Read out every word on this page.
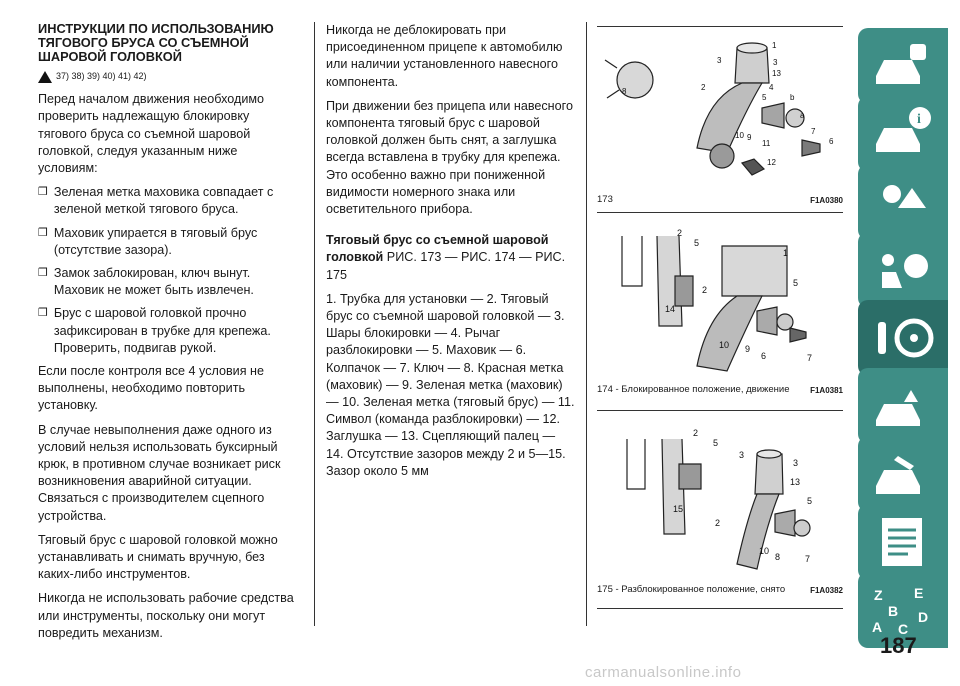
ИНСТРУКЦИИ ПО ИСПОЛЬЗОВАНИЮ ТЯГОВОГО БРУСА СО СЪЕМНОЙ ШАРОВОЙ ГОЛОВКОЙ
37) 38) 39) 40) 41) 42)

Перед началом движения необходимо проверить надлежащую блокировку тягового бруса со съемной шаровой головкой, следуя указанным ниже условиям:

❒ Зеленая метка маховика совпадает с зеленой меткой тягового бруса.
❒ Маховик упирается в тяговый брус (отсутствие зазора).
❒ Замок заблокирован, ключ вынут. Маховик не может быть извлечен.
❒ Брус с шаровой головкой прочно зафиксирован в трубке для крепежа. Проверить, подвигав рукой.

Если после контроля все 4 условия не выполнены, необходимо повторить установку.

В случае невыполнения даже одного из условий нельзя использовать буксирный крюк, в противном случае возникает риск возникновения аварийной ситуации. Связаться с производителем сцепного устройства.

Тяговый брус с шаровой головкой можно устанавливать и снимать вручную, без каких-либо инструментов.

Никогда не использовать рабочие средства или инструменты, поскольку они могут повредить механизм.

Никогда не деблокировать при присоединенном прицепе к автомобилю или наличии установленного навесного компонента.

При движении без прицепа или навесного компонента тяговый брус с шаровой головкой должен быть снят, а заглушка всегда вставлена в трубку для крепежа. Это особенно важно при пониженной видимости номерного знака или осветительного прибора.

Тяговый брус со съемной шаровой головкой РИС. 173 — РИС. 174 — РИС. 175

1. Трубка для установки — 2. Тяговый брус со съемной шаровой головкой — 3. Шары блокировки — 4. Рычаг разблокировки — 5. Маховик — 6. Колпачок — 7. Ключ — 8. Красная метка (маховик) — 9. Зеленая метка (маховик) — 10. Зеленая метка (тяговый брус) — 11. Символ (команда разблокировки) — 12. Заглушка — 13. Сцепляющий палец — 14. Отсутствие зазоров между 2 и 5—15. Зазор около 5 мм

1
3	3
13
4
5	b
a
7
6
8	2
10 9
11
12
173	F1A0380
2
5
1
5
2
14
10 9
6	7
174 - Блокированное положение, движение	F1A0381
2
5
3
3
13
15
5
2
10
8	7
175 - Разблокированное положение, снято	F1A0382
i
Z E
B D
C
A
187
carmanualsonline.info
